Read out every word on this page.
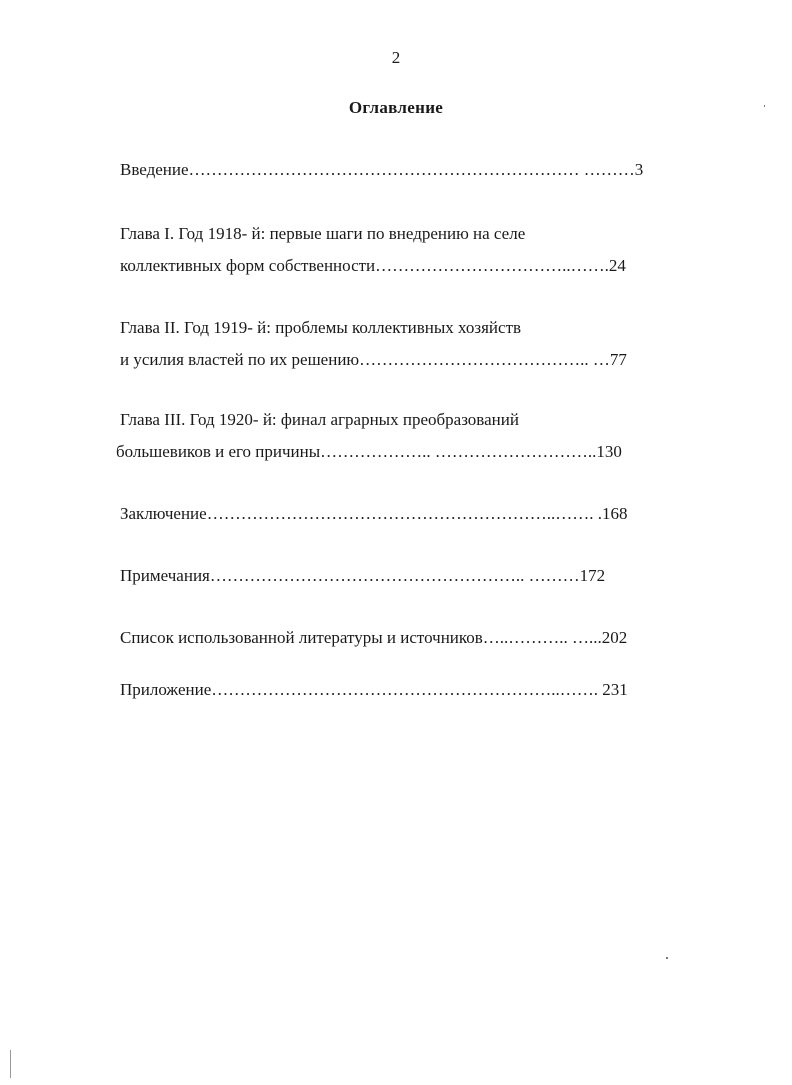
2
Оглавление
Введение…………………………………………………………… ………3
Глава I. Год 1918- й: первые шаги по внедрению на селе
коллективных форм собственности……………………………..…….24
Глава II. Год 1919- й: проблемы коллективных хозяйств
и усилия властей по их решению………………………………….. …77
Глава III. Год 1920- й: финал аграрных преобразований
большевиков и его причины……………….. ………………………..130
Заключение……………………………………………………..……. .168
Примечания……………………………………………….. ………172
Список использованной литературы и источников…..……….. …...202
Приложение……………………………………………………..……. 231
